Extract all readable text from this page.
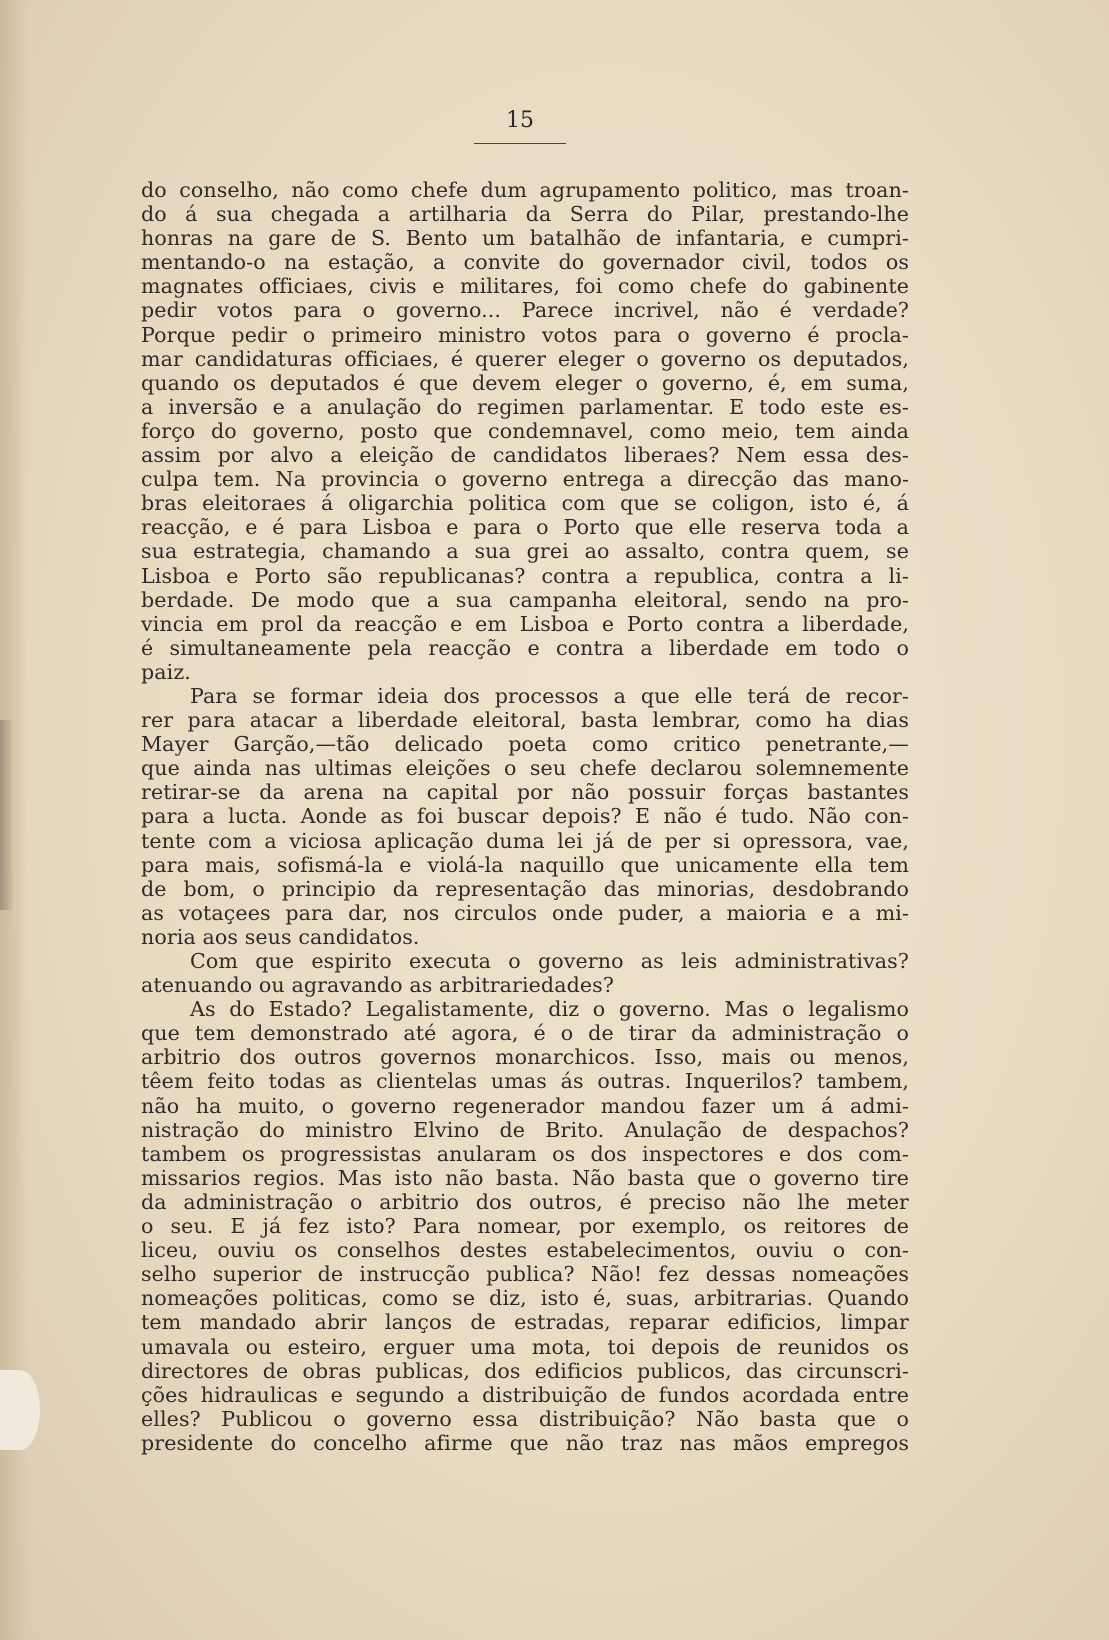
15
do conselho, não como chefe dum agrupamento politico, mas troan-
do á sua chegada a artilharia da Serra do Pilar, prestando-lhe
honras na gare de S. Bento um batalhão de infantaria, e cumpri-
mentando-o na estação, a convite do governador civil, todos os
magnates officiaes, civis e militares, foi como chefe do gabinente
pedir votos para o governo... Parece incrivel, não é verdade?
Porque pedir o primeiro ministro votos para o governo é procla-
mar candidaturas officiaes, é querer eleger o governo os deputados,
quando os deputados é que devem eleger o governo, é, em suma,
a inversão e a anulação do regimen parlamentar. E todo este es-
forço do governo, posto que condemnavel, como meio, tem ainda
assim por alvo a eleição de candidatos liberaes? Nem essa des-
culpa tem. Na provincia o governo entrega a direcção das mano-
bras eleitoraes á oligarchia politica com que se coligon, isto é, á
reacção, e é para Lisboa e para o Porto que elle reserva toda a
sua estrategia, chamando a sua grei ao assalto, contra quem, se
Lisboa e Porto são republicanas? contra a republica, contra a li-
berdade. De modo que a sua campanha eleitoral, sendo na pro-
vincia em prol da reacção e em Lisboa e Porto contra a liberdade,
é simultaneamente pela reacção e contra a liberdade em todo o
paiz.
Para se formar ideia dos processos a que elle terá de recor-
rer para atacar a liberdade eleitoral, basta lembrar, como ha dias
Mayer Garção,—tão delicado poeta como critico penetrante,—
que ainda nas ultimas eleições o seu chefe declarou solemnemente
retirar-se da arena na capital por não possuir forças bastantes
para a lucta. Aonde as foi buscar depois? E não é tudo. Não con-
tente com a viciosa aplicação duma lei já de per si opressora, vae,
para mais, sofismá-la e violá-la naquillo que unicamente ella tem
de bom, o principio da representação das minorias, desdobrando
as votaçees para dar, nos circulos onde puder, a maioria e a mi-
noria aos seus candidatos.
Com que espirito executa o governo as leis administrativas?
atenuando ou agravando as arbitrariedades?
As do Estado? Legalistamente, diz o governo. Mas o legalismo
que tem demonstrado até agora, é o de tirar da administração o
arbitrio dos outros governos monarchicos. Isso, mais ou menos,
têem feito todas as clientelas umas ás outras. Inquerilos? tambem,
não ha muito, o governo regenerador mandou fazer um á admi-
nistração do ministro Elvino de Brito. Anulação de despachos?
tambem os progressistas anularam os dos inspectores e dos com-
missarios regios. Mas isto não basta. Não basta que o governo tire
da administração o arbitrio dos outros, é preciso não lhe meter
o seu. E já fez isto? Para nomear, por exemplo, os reitores de
liceu, ouviu os conselhos destes estabelecimentos, ouviu o con-
selho superior de instrucção publica? Não! fez dessas nomeações
nomeações politicas, como se diz, isto é, suas, arbitrarias. Quando
tem mandado abrir lanços de estradas, reparar edificios, limpar
umavala ou esteiro, erguer uma mota, toi depois de reunidos os
directores de obras publicas, dos edificios publicos, das circunscri-
ções hidraulicas e segundo a distribuição de fundos acordada entre
elles? Publicou o governo essa distribuição? Não basta que o
presidente do concelho afirme que não traz nas mãos empregos
